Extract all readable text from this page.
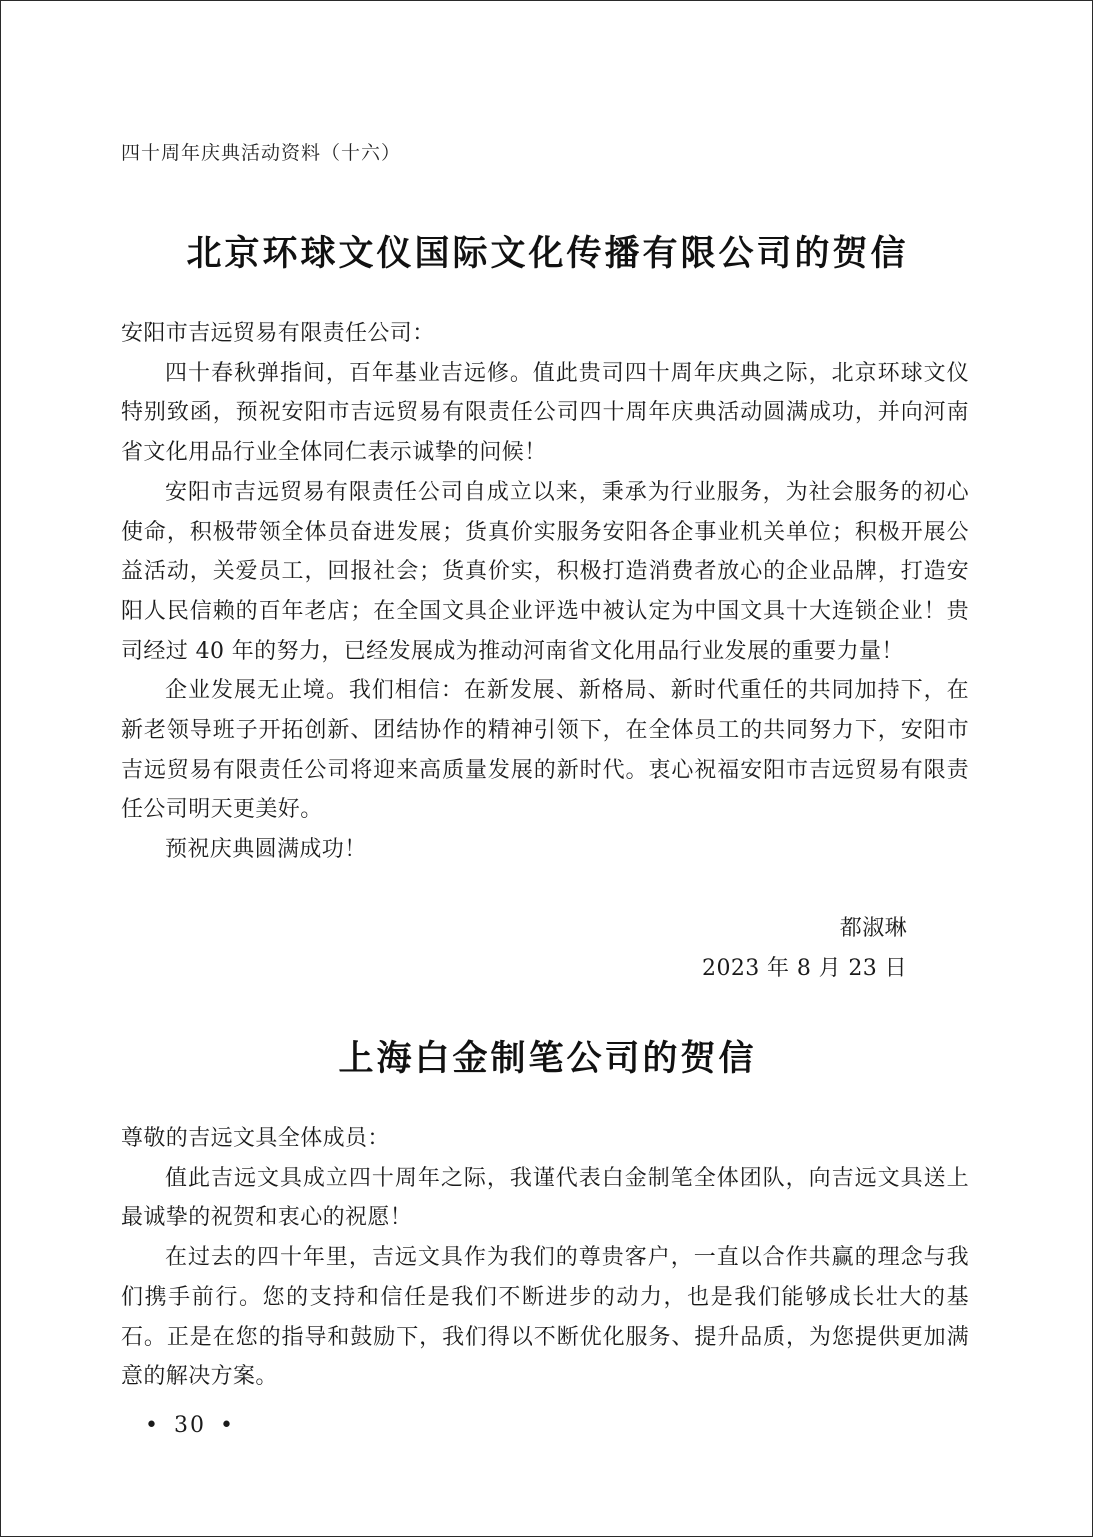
四十周年庆典活动资料（十六）
北京环球文仪国际文化传播有限公司的贺信

安阳市吉远贸易有限责任公司：

四十春秋弹指间，百年基业吉远修。值此贵司四十周年庆典之际，北京环球文仪特别致函，预祝安阳市吉远贸易有限责任公司四十周年庆典活动圆满成功，并向河南省文化用品行业全体同仁表示诚挚的问候！

安阳市吉远贸易有限责任公司自成立以来，秉承为行业服务，为社会服务的初心使命，积极带领全体员奋进发展；货真价实服务安阳各企事业机关单位；积极开展公益活动，关爱员工，回报社会；货真价实，积极打造消费者放心的企业品牌，打造安阳人民信赖的百年老店；在全国文具企业评选中被认定为中国文具十大连锁企业！贵司经过 40 年的努力，已经发展成为推动河南省文化用品行业发展的重要力量！

企业发展无止境。我们相信：在新发展、新格局、新时代重任的共同加持下，在新老领导班子开拓创新、团结协作的精神引领下，在全体员工的共同努力下，安阳市吉远贸易有限责任公司将迎来高质量发展的新时代。衷心祝福安阳市吉远贸易有限责任公司明天更美好。

预祝庆典圆满成功！

都淑琳
2023 年 8 月 23 日
上海白金制笔公司的贺信

尊敬的吉远文具全体成员：

值此吉远文具成立四十周年之际，我谨代表白金制笔全体团队，向吉远文具送上最诚挚的祝贺和衷心的祝愿！

在过去的四十年里，吉远文具作为我们的尊贵客户，一直以合作共赢的理念与我们携手前行。您的支持和信任是我们不断进步的动力，也是我们能够成长壮大的基石。正是在您的指导和鼓励下，我们得以不断优化服务、提升品质，为您提供更加满意的解决方案。

• 30 •
